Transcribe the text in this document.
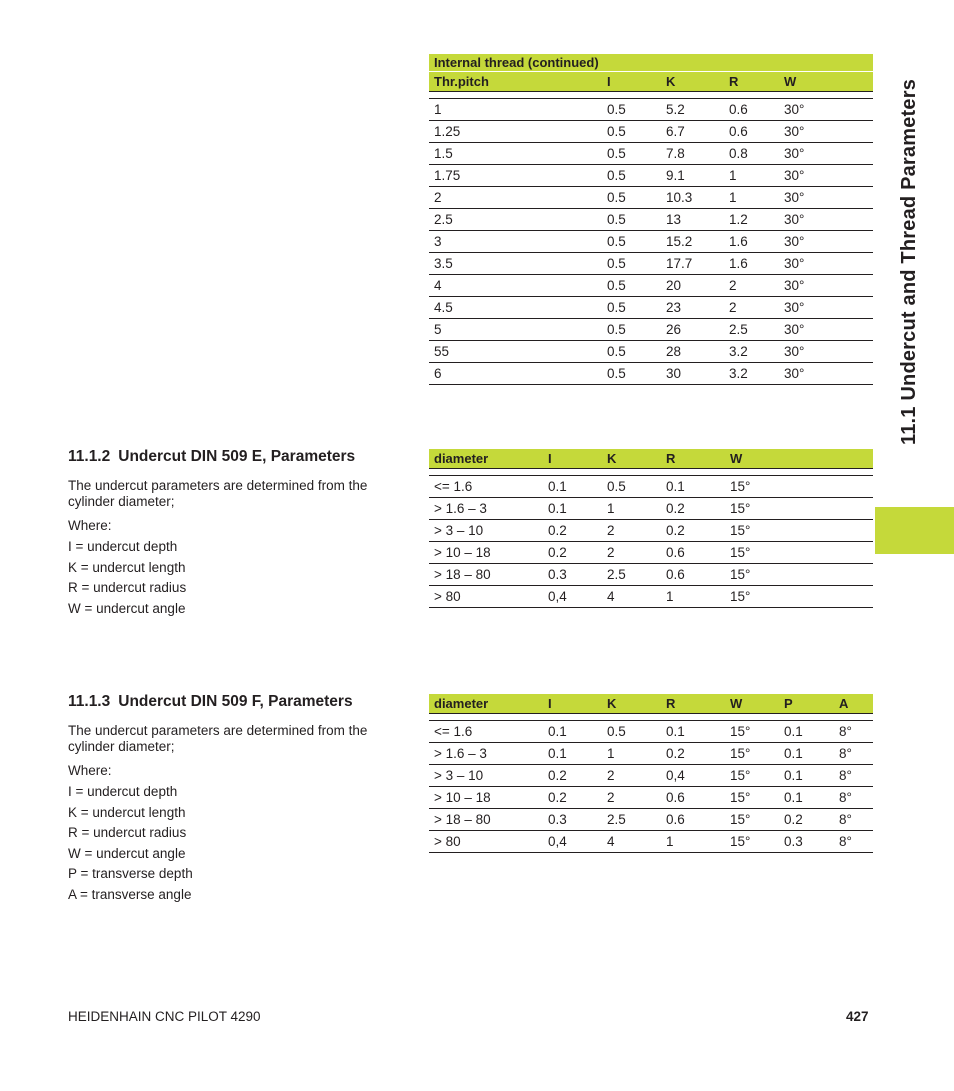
11.1 Undercut and Thread Parameters
Internal thread (continued)				
Thr.pitch	I	K	R	W

1	0.5	5.2	0.6	30°
1.25	0.5	6.7	0.6	30°
1.5	0.5	7.8	0.8	30°
1.75	0.5	9.1	1	30°
2	0.5	10.3	1	30°
2.5	0.5	13	1.2	30°
3	0.5	15.2	1.6	30°
3.5	0.5	17.7	1.6	30°
4	0.5	20	2	30°
4.5	0.5	23	2	30°
5	0.5	26	2.5	30°
55	0.5	28	3.2	30°
6	0.5	30	3.2	30°
11.1.2 Undercut DIN 509 E, Parameters

The undercut parameters are determined from the cylinder diameter;

Where:

I = undercut depth
K = undercut length
R = undercut radius
W = undercut angle
diameter	I	K	R	W

<= 1.6	0.1	0.5	0.1	15°
> 1.6 – 3	0.1	1	0.2	15°
> 3 – 10	0.2	2	0.2	15°
> 10 – 18	0.2	2	0.6	15°
> 18 – 80	0.3	2.5	0.6	15°
> 80	0,4	4	1	15°
11.1.3 Undercut DIN 509 F, Parameters

The undercut parameters are determined from the cylinder diameter;

Where:

I = undercut depth
K = undercut length
R = undercut radius
W = undercut angle
P = transverse depth
A = transverse angle
diameter	I	K	R	W	P	A

<= 1.6	0.1	0.5	0.1	15°	0.1	8°
> 1.6 – 3	0.1	1	0.2	15°	0.1	8°
> 3 – 10	0.2	2	0,4	15°	0.1	8°
> 10 – 18	0.2	2	0.6	15°	0.1	8°
> 18 – 80	0.3	2.5	0.6	15°	0.2	8°
> 80	0,4	4	1	15°	0.3	8°
HEIDENHAIN CNC PILOT 4290	427
